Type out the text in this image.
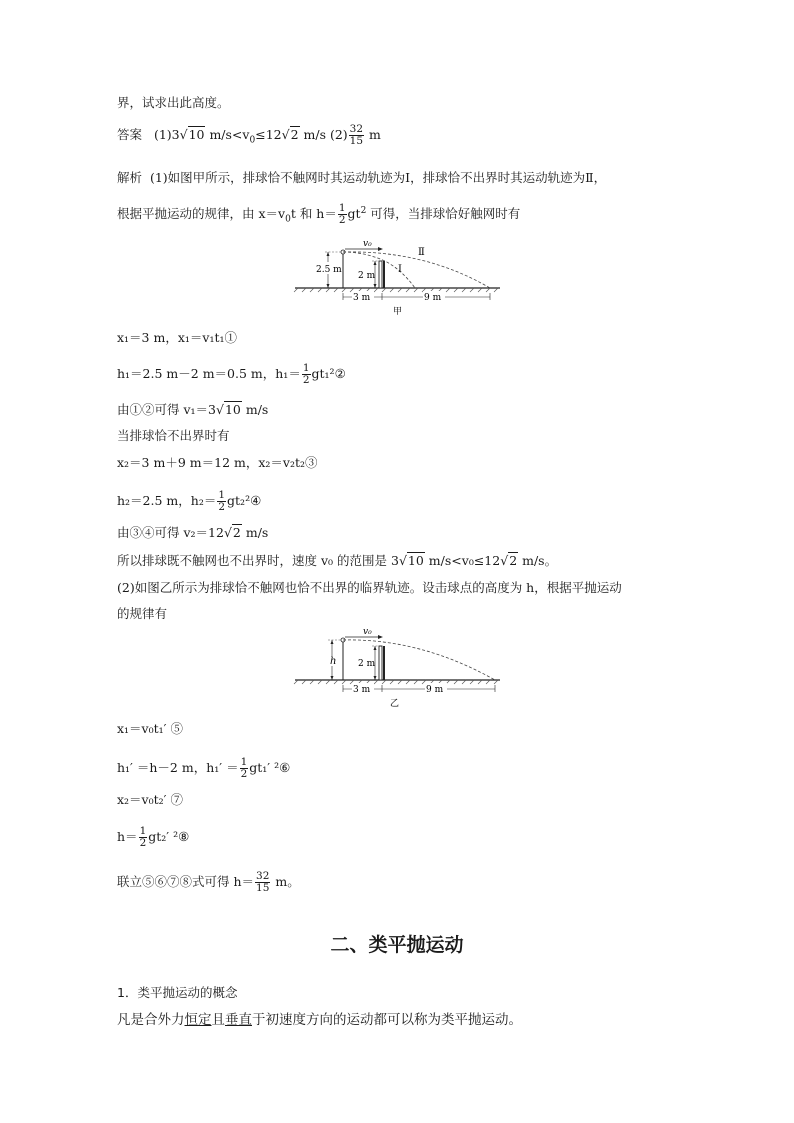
界，试求出此高度。
答案 (1)3√10 $m/s<v_0\le 12√2$ m/s $(2) \frac{32}{15}$ m
解析 (1)如图甲所示，排球恰不触网时其运动轨迹为Ⅰ，排球恰不出界时其运动轨迹为Ⅱ，
根据平抛运动的规律，由 $x=v_0t$ 和 $h= \frac{1}{2} gt^2$ 可得，当排球恰好触网时有
v₀
2.5 m
2 m
Ⅱ
Ⅰ
3 m	9 m
甲
x₁＝3 m，x₁＝v₁t₁①
h₁＝2.5 m－2 m＝0.5 m，$h_1= \frac{1}{2}$ gt₁²②
由①②可得 v₁＝3√10 m/s
当排球恰不出界时有
x₂＝3 m＋9 m＝12 m，x₂＝v₂t₂③
h₂＝2.5 m，$h_2= \frac{1}{2}$ gt₂²④
由③④可得 v₂＝12√2 m/s
所以排球既不触网也不出界时，速度 v₀ 的范围是 3√10 m/s<v₀≤12√2 m/s。
(2)如图乙所示为排球恰不触网也恰不出界的临界轨迹。设击球点的高度为 h，根据平抛运动
的规律有
v₀
h 2 m
3 m	9 m
乙
x₁＝v₀t₁′ ⑤
h₁′ ＝h－2 m，$h_1' = \frac{1}{2} gt_1'$ ²⑥
x₂＝v₀t₂′ ⑦
$h= \frac{1}{2} gt_2'$ ²⑧
联立⑤⑥⑦⑧式可得 $h= \frac{32}{15}$ m。
二、类平抛运动
1．类平抛运动的概念
凡是合外力恒定且垂直于初速度方向的运动都可以称为类平抛运动。
